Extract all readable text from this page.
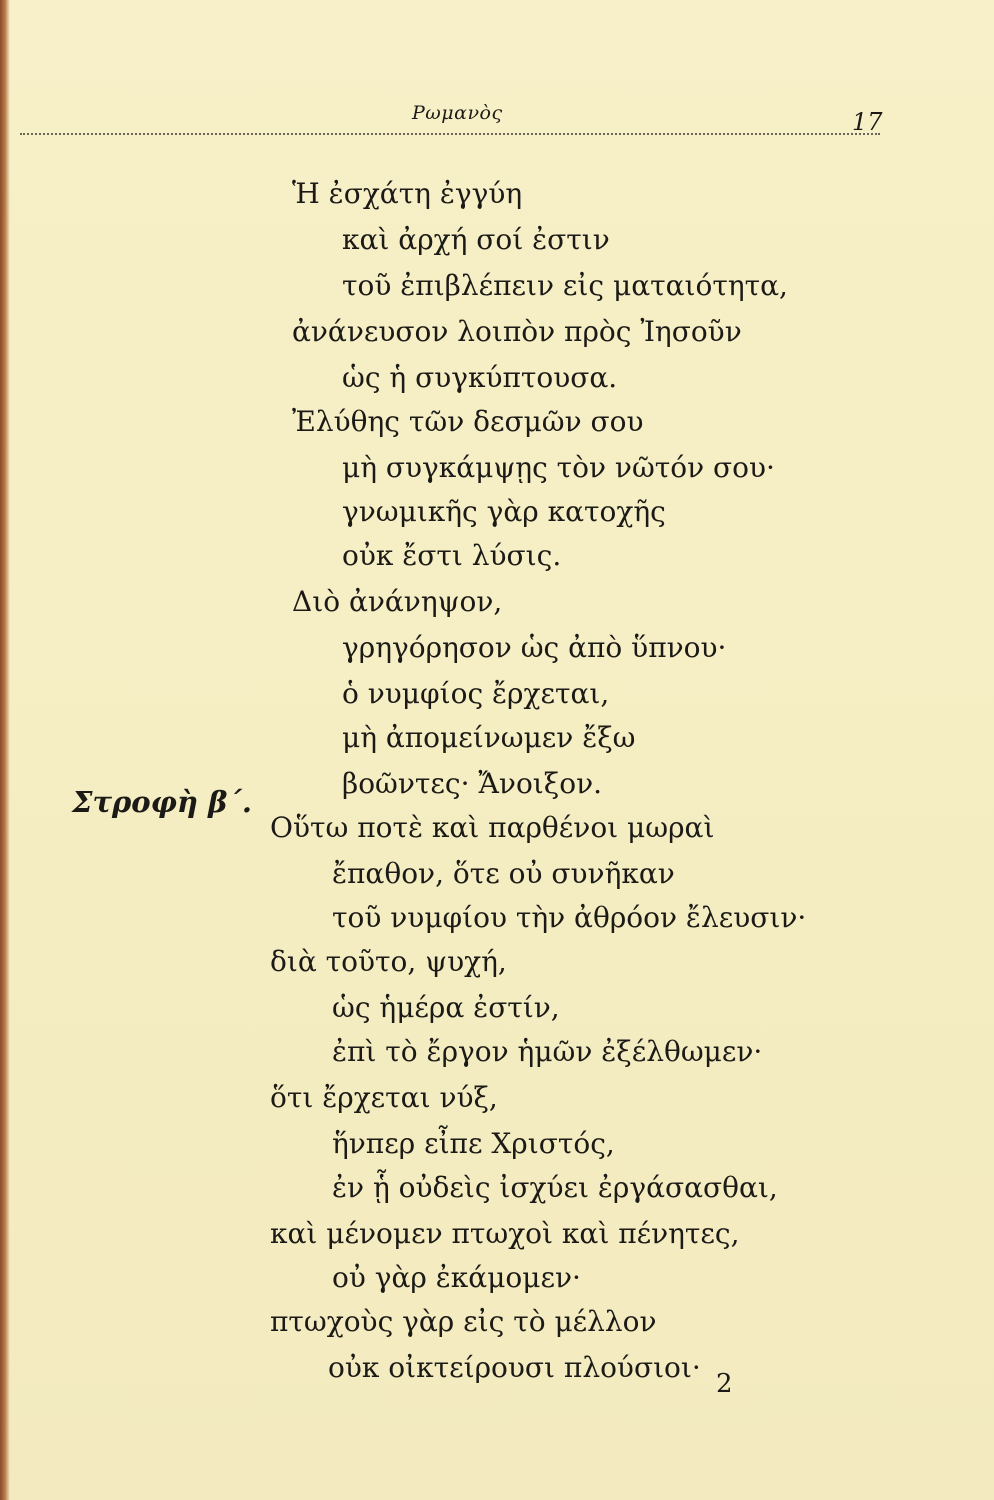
Ρωμανὸς	17
Στροφὴ β΄.
Ἡ ἐσχάτη ἐγγύη
καὶ ἀρχή σοί ἐστιν
τοῦ ἐπιβλέπειν εἰς ματαιότητα,
ἀνάνευσον λοιπὸν πρὸς Ἰησοῦν
ὡς ἡ συγκύπτουσα.
Ἐλύθης τῶν δεσμῶν σου
μὴ συγκάμψῃς τὸν νῶτόν σου·
γνωμικῆς γὰρ κατοχῆς
οὐκ ἔστι λύσις.
Διὸ ἀνάνηψον,
γρηγόρησον ὡς ἀπὸ ὕπνου·
ὁ νυμφίος ἔρχεται,
μὴ ἀπομείνωμεν ἔξω
βοῶντες· Ἄνοιξον.
Οὕτω ποτὲ καὶ παρθένοι μωραὶ
ἔπαθον, ὅτε οὐ συνῆκαν
τοῦ νυμφίου τὴν ἀθρόον ἔλευσιν·
διὰ τοῦτο, ψυχή,
ὡς ἡμέρα ἐστίν,
ἐπὶ τὸ ἔργον ἡμῶν ἐξέλθωμεν·
ὅτι ἔρχεται νύξ,
ἥνπερ εἶπε Χριστός,
ἐν ᾗ οὐδεὶς ἰσχύει ἐργάσασθαι,
καὶ μένομεν πτωχοὶ καὶ πένητες,
οὐ γὰρ ἐκάμομεν·
πτωχοὺς γὰρ εἰς τὸ μέλλον
οὐκ οἰκτείρουσι πλούσιοι· 2
